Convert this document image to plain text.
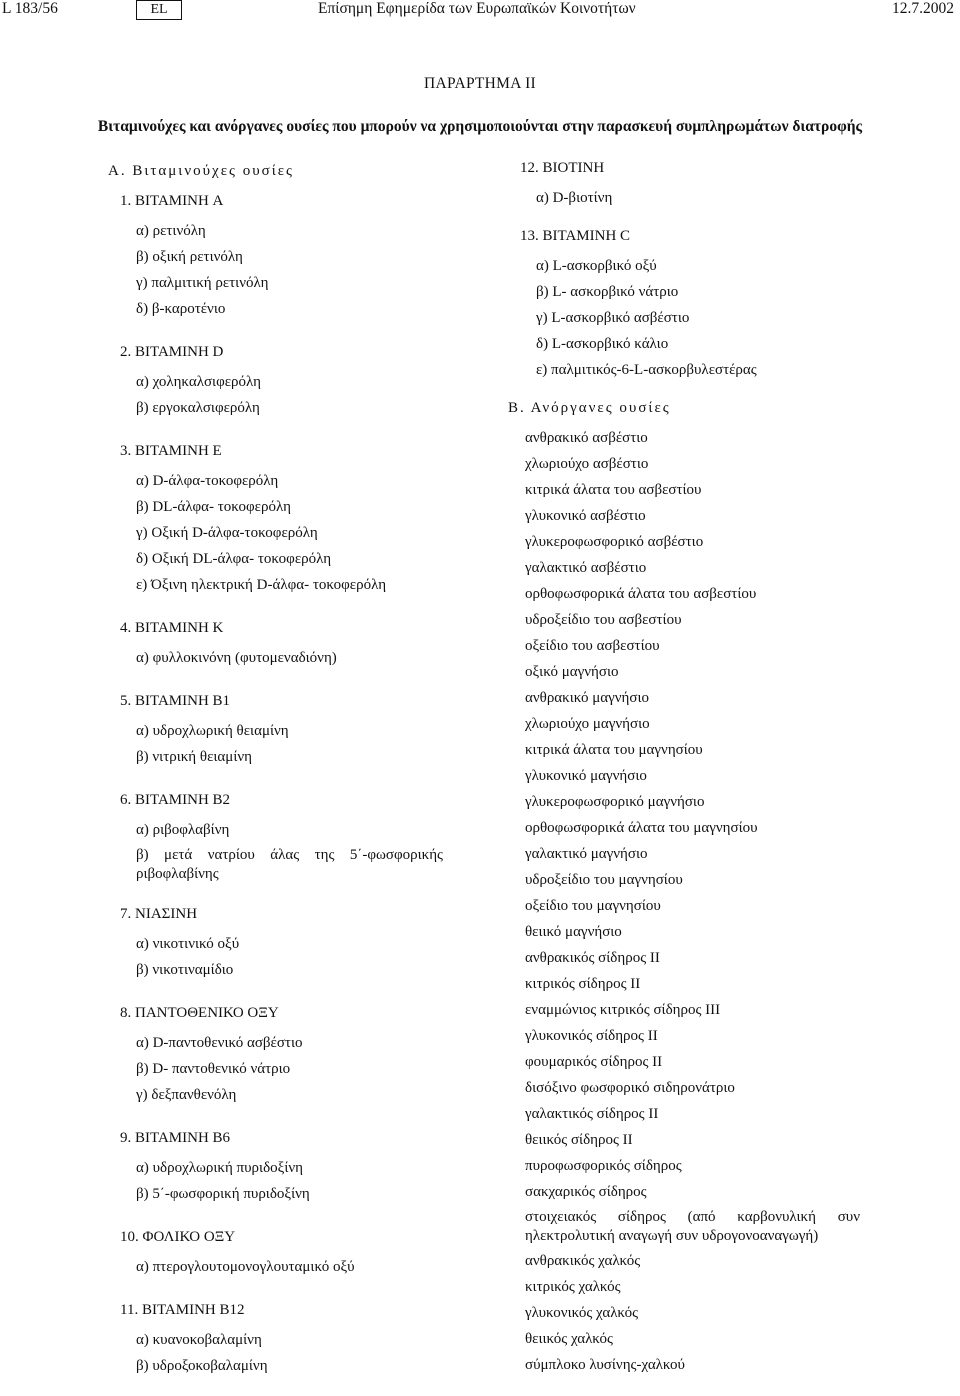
L 183/56	EL	Επίσημη Εφημερίδα των Ευρωπαϊκών Κοινοτήτων	12.7.2002
ΠΑΡΑΡΤΗΜΑ ΙΙ
Βιταμινούχες και ανόργανες ουσίες που μπορούν να χρησιμοποιούνται στην παρασκευή συμπληρωμάτων διατροφής
Α. Βιταμινούχες ουσίες
1. ΒΙΤΑΜΙΝΗ A
α) ρετινόλη
β) οξική ρετινόλη
γ) παλμιτική ρετινόλη
δ) β-καροτένιο
2. ΒΙΤΑΜΙΝΗ D
α) χοληκαλσιφερόλη
β) εργοκαλσιφερόλη
3. ΒΙΤΑΜΙΝΗ E
α) D-άλφα-τοκοφερόλη
β) DL-άλφα- τοκοφερόλη
γ) Οξική D-άλφα-τοκοφερόλη
δ) Οξική DL-άλφα- τοκοφερόλη
ε) Όξινη ηλεκτρική D-άλφα- τοκοφερόλη
4. ΒΙΤΑΜΙΝΗ K
α) φυλλοκινόνη (φυτομεναδιόνη)
5. ΒΙΤΑΜΙΝΗ B1
α) υδροχλωρική θειαμίνη
β) νιτρική θειαμίνη
6. ΒΙΤΑΜΙΝΗ B2
α) ριβοφλαβίνη
β) μετά νατρίου άλας της 5΄-φωσφορικής ριβοφλαβίνης
7. ΝΙΑΣΙΝΗ
α) νικοτινικό οξύ
β) νικοτιναμίδιο
8. ΠΑΝΤΟΘΕΝΙΚΟ ΟΞΥ
α) D-παντοθενικό ασβέστιο
β) D- παντοθενικό νάτριο
γ) δεξπανθενόλη
9. ΒΙΤΑΜΙΝΗ B6
α) υδροχλωρική πυριδοξίνη
β) 5΄-φωσφορική πυριδοξίνη
10. ΦΟΛΙΚΟ ΟΞΥ
α) πτερογλουτομονογλουταμικό οξύ
11. ΒΙΤΑΜΙΝΗ B12
α) κυανοκοβαλαμίνη
β) υδροξοκοβαλαμίνη
12. ΒΙΟΤΙΝΗ
α) D-βιοτίνη
13. ΒΙΤΑΜΙΝΗ C
α) L-ασκορβικό οξύ
β) L- ασκορβικό νάτριο
γ) L-ασκορβικό ασβέστιο
δ) L-ασκορβικό κάλιο
ε) παλμιτικός-6-L-ασκορβυλεστέρας
Β. Ανόργανες ουσίες
ανθρακικό ασβέστιο
χλωριούχο ασβέστιο
κιτρικά άλατα του ασβεστίου
γλυκονικό ασβέστιο
γλυκεροφωσφορικό ασβέστιο
γαλακτικό ασβέστιο
ορθοφωσφορικά άλατα του ασβεστίου
υδροξείδιο του ασβεστίου
οξείδιο του ασβεστίου
οξικό μαγνήσιο
ανθρακικό μαγνήσιο
χλωριούχο μαγνήσιο
κιτρικά άλατα του μαγνησίου
γλυκονικό μαγνήσιο
γλυκεροφωσφορικό μαγνήσιο
ορθοφωσφορικά άλατα του μαγνησίου
γαλακτικό μαγνήσιο
υδροξείδιο του μαγνησίου
οξείδιο του μαγνησίου
θειικό μαγνήσιο
ανθρακικός σίδηρος II
κιτρικός σίδηρος II
εναμμώνιος κιτρικός σίδηρος III
γλυκονικός σίδηρος II
φουμαρικός σίδηρος II
δισόξινο φωσφορικό σιδηρονάτριο
γαλακτικός σίδηρος II
θειικός σίδηρος II
πυροφωσφορικός σίδηρος
σακχαρικός σίδηρος
στοιχειακός σίδηρος (από καρβονυλική συν ηλεκτρολυτική αναγωγή συν υδρογονοαναγωγή)
ανθρακικός χαλκός
κιτρικός χαλκός
γλυκονικός χαλκός
θειικός χαλκός
σύμπλοκο λυσίνης-χαλκού
